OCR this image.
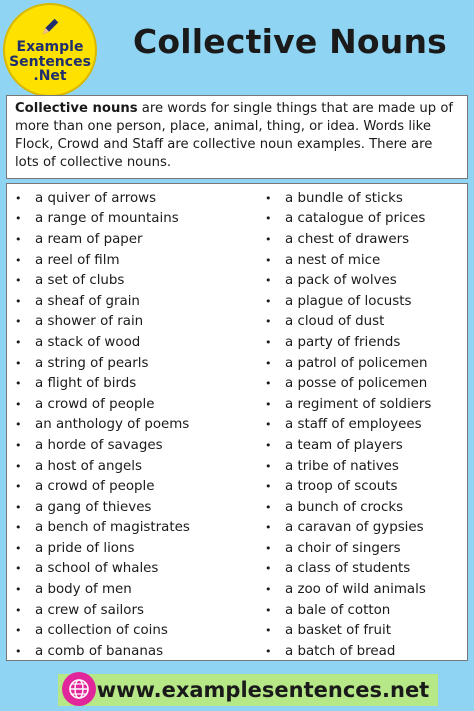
Example
Sentences
.Net
Collective Nouns
Collective nouns are words for single things that are made up of more than one person, place, animal, thing, or idea. Words like Flock, Crowd and Staff are collective noun examples. There are lots of collective nouns.
•	a quiver of arrows
•	a range of mountains
•	a ream of paper
•	a reel of film
•	a set of clubs
•	a sheaf of grain
•	a shower of rain
•	a stack of wood
•	a string of pearls
•	a flight of birds
•	a crowd of people
•	an anthology of poems
•	a horde of savages
•	a host of angels
•	a crowd of people
•	a gang of thieves
•	a bench of magistrates
•	a pride of lions
•	a school of whales
•	a body of men
•	a crew of sailors
•	a collection of coins
•	a comb of bananas
•	a bundle of sticks
•	a catalogue of prices
•	a chest of drawers
•	a nest of mice
•	a pack of wolves
•	a plague of locusts
•	a cloud of dust
•	a party of friends
•	a patrol of policemen
•	a posse of policemen
•	a regiment of soldiers
•	a staff of employees
•	a team of players
•	a tribe of natives
•	a troop of scouts
•	a bunch of crocks
•	a caravan of gypsies
•	a choir of singers
•	a class of students
•	a zoo of wild animals
•	a bale of cotton
•	a basket of fruit
•	a batch of bread
www.examplesentences.net
